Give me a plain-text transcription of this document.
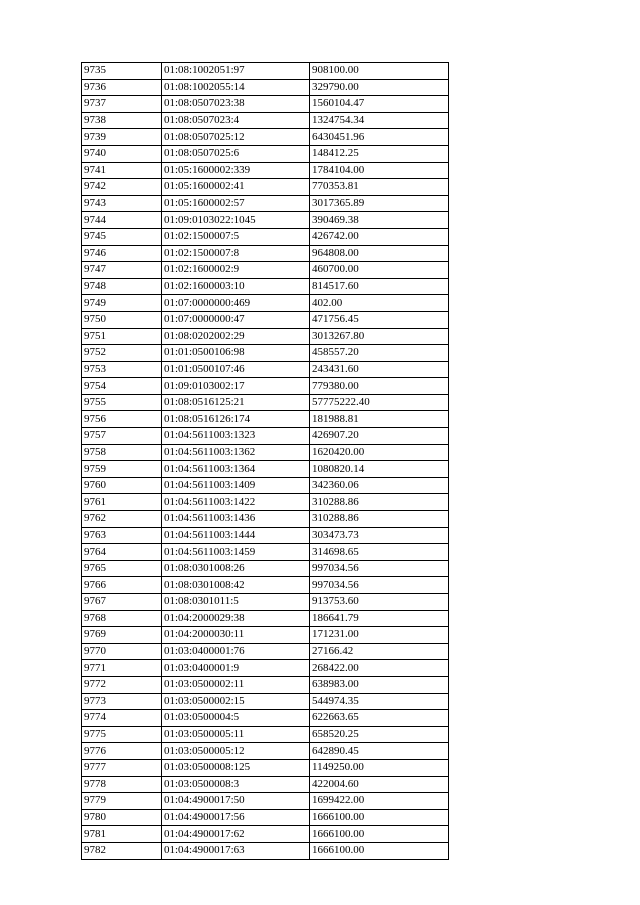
9735	01:08:1002051:97	908100.00
9736	01:08:1002055:14	329790.00
9737	01:08:0507023:38	1560104.47
9738	01:08:0507023:4	1324754.34
9739	01:08:0507025:12	6430451.96
9740	01:08:0507025:6	148412.25
9741	01:05:1600002:339	1784104.00
9742	01:05:1600002:41	770353.81
9743	01:05:1600002:57	3017365.89
9744	01:09:0103022:1045	390469.38
9745	01:02:1500007:5	426742.00
9746	01:02:1500007:8	964808.00
9747	01:02:1600002:9	460700.00
9748	01:02:1600003:10	814517.60
9749	01:07:0000000:469	402.00
9750	01:07:0000000:47	471756.45
9751	01:08:0202002:29	3013267.80
9752	01:01:0500106:98	458557.20
9753	01:01:0500107:46	243431.60
9754	01:09:0103002:17	779380.00
9755	01:08:0516125:21	57775222.40
9756	01:08:0516126:174	181988.81
9757	01:04:5611003:1323	426907.20
9758	01:04:5611003:1362	1620420.00
9759	01:04:5611003:1364	1080820.14
9760	01:04:5611003:1409	342360.06
9761	01:04:5611003:1422	310288.86
9762	01:04:5611003:1436	310288.86
9763	01:04:5611003:1444	303473.73
9764	01:04:5611003:1459	314698.65
9765	01:08:0301008:26	997034.56
9766	01:08:0301008:42	997034.56
9767	01:08:0301011:5	913753.60
9768	01:04:2000029:38	186641.79
9769	01:04:2000030:11	171231.00
9770	01:03:0400001:76	27166.42
9771	01:03:0400001:9	268422.00
9772	01:03:0500002:11	638983.00
9773	01:03:0500002:15	544974.35
9774	01:03:0500004:5	622663.65
9775	01:03:0500005:11	658520.25
9776	01:03:0500005:12	642890.45
9777	01:03:0500008:125	1149250.00
9778	01:03:0500008:3	422004.60
9779	01:04:4900017:50	1699422.00
9780	01:04:4900017:56	1666100.00
9781	01:04:4900017:62	1666100.00
9782	01:04:4900017:63	1666100.00
